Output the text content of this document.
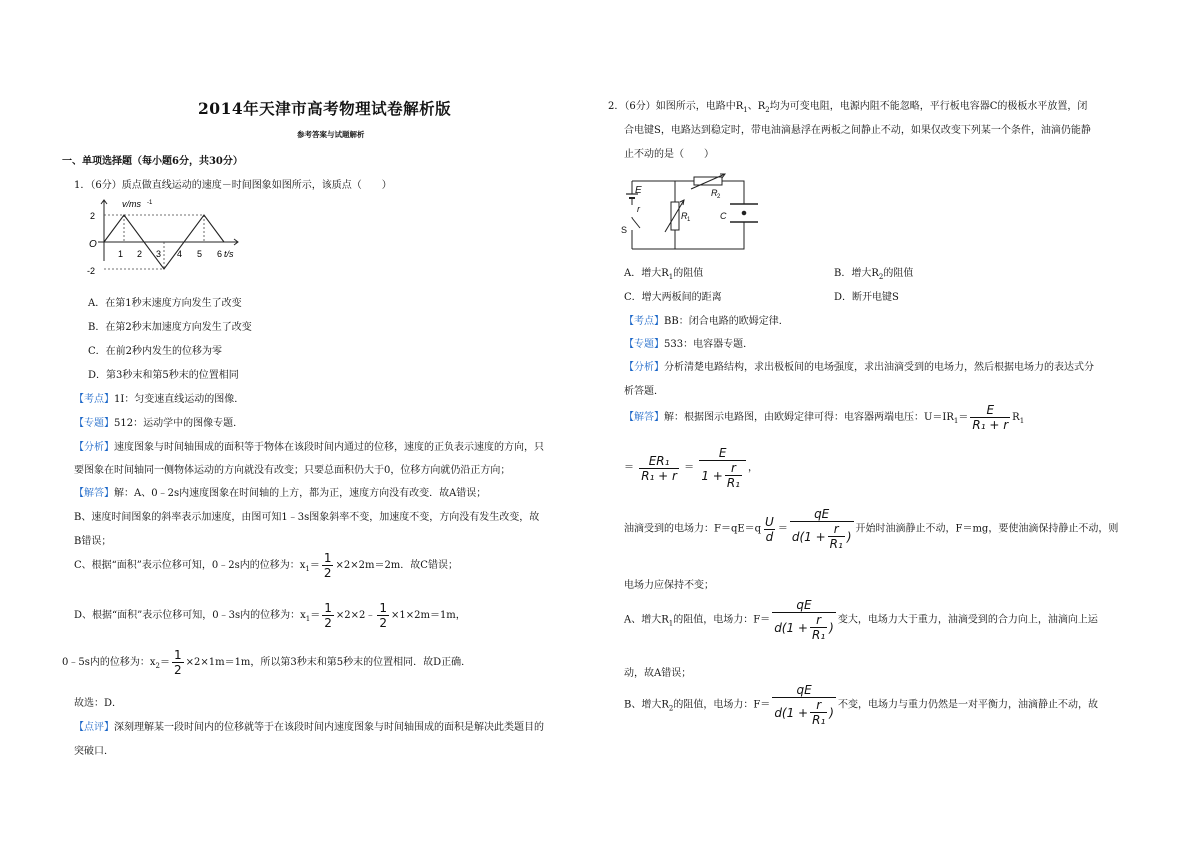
2014年天津市高考物理试卷解析版
参考答案与试题解析
一、单项选择题（每小题6分，共30分）
1．（6分）质点做直线运动的速度－时间图象如图所示，该质点（　　）
v/ms -1
t/s
O
2
-2
1 2 3 4 5 6
A．在第1秒末速度方向发生了改变
B．在第2秒末加速度方向发生了改变
C．在前2秒内发生的位移为零
D．第3秒末和第5秒末的位置相同
【考点】1I：匀变速直线运动的图像．
【专题】512：运动学中的图像专题．
【分析】速度图象与时间轴围成的面积等于物体在该段时间内通过的位移，速度的正负表示速度的方向，只
要图象在时间轴同一侧物体运动的方向就没有改变；只要总面积仍大于0，位移方向就仍沿正方向；
【解答】解：A、0﹣2s内速度图象在时间轴的上方，都为正，速度方向没有改变．故A错误；
B、速度时间图象的斜率表示加速度，由图可知1﹣3s图象斜率不变，加速度不变，方向没有发生改变，故
B错误；
C、根据“面积”表示位移可知，0﹣2s内的位移为：$x_1= \frac{1}{2} \times 2\times 2m=2m$．故C错误；
D、根据“面积”表示位移可知，0﹣3s内的位移为：$x_1= \frac{1}{2}$ ×2×2﹣ $\frac{1}{2} \times 1\times 2m=1m$，
0﹣5s内的位移为：$x_2= \frac{1}{2} \times 2\times 1m=1m$，所以第3秒末和第5秒末的位置相同．故D正确．
故选：D．
【点评】深刻理解某一段时间内的位移就等于在该段时间内速度图象与时间轴围成的面积是解决此类题目的
突破口．
2．（6分）如图所示，电路中$R_1$、$R_2$均为可变电阻，电源内阻不能忽略，平行板电容器C的极板水平放置，闭
合电键S，电路达到稳定时，带电油滴悬浮在两板之间静止不动，如果仅改变下列某一个条件，油滴仍能静
止不动的是（　　）
E
r
S
R 1
R 2
C
A．增大$R_1$的阻值	B．增大$R_2$的阻值
C．增大两板间的距离	D．断开电键S
【考点】BB：闭合电路的欧姆定律．
【专题】533：电容器专题．
【分析】分析清楚电路结构，求出极板间的电场强度，求出油滴受到的电场力，然后根据电场力的表达式分
析答题．
【解答】解：根据图示电路图，由欧姆定律可得：电容器两端电压：$U=IR_1= \frac{E}{\text{R₁ + r}} R_1$
＝ $\frac{\text{ER₁}}{\text{R₁ + r}} = \frac{E}{1 + \frac{r}{\text{R₁}}}$ ，
油滴受到的电场力：$F=qE=q \frac{U}{d} = \frac{qE}{d(1 + \frac{r}{\text{R₁}} )}$ 开始时油滴静止不动，F＝mg，要使油滴保持静止不动，则
电场力应保持不变；
A、增大$R_1$的阻值，电场力：$F= \frac{qE}{d(1 + \frac{r}{\text{R₁}} )}$ 变大，电场力大于重力，油滴受到的合力向上，油滴向上运
动，故A错误；
B、增大$R_2$的阻值，电场力：$F= \frac{qE}{d(1 + \frac{r}{\text{R₁}} )}$ 不变，电场力与重力仍然是一对平衡力，油滴静止不动，故
